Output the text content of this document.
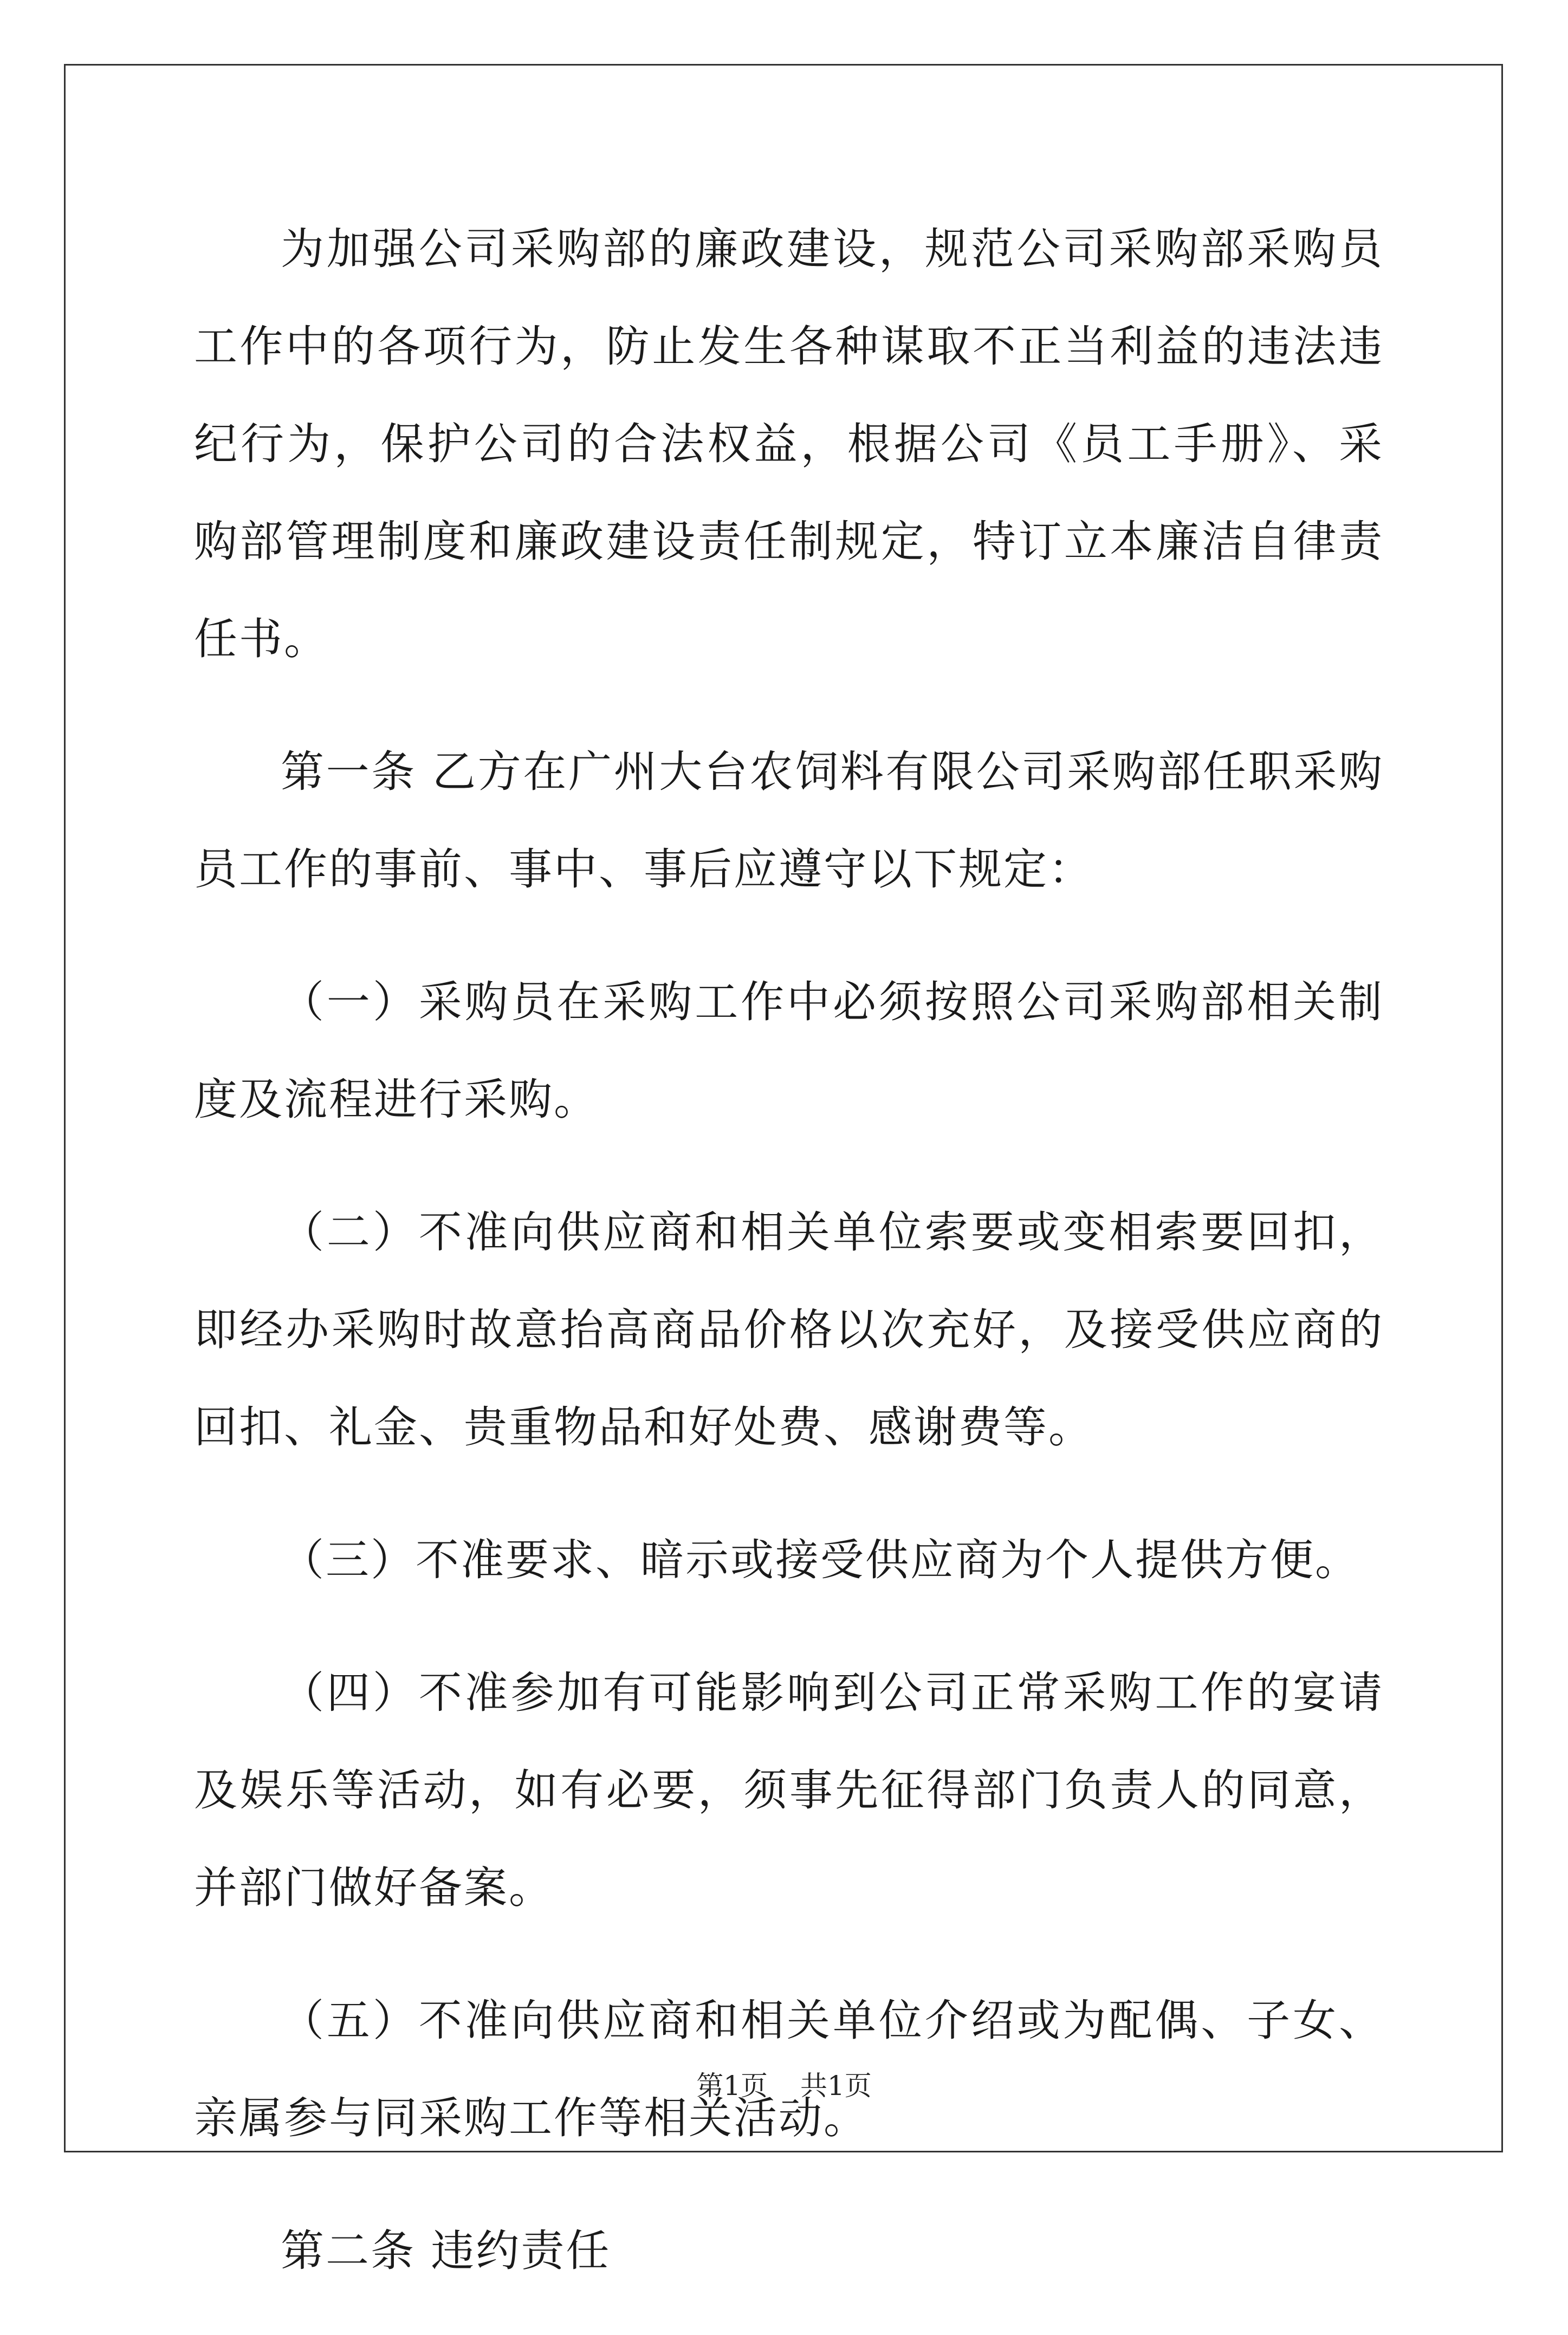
为加强公司采购部的廉政建设，规范公司采购部采购员工作中的各项行为，防止发生各种谋取不正当利益的违法违纪行为，保护公司的合法权益，根据公司《员工手册》、采购部管理制度和廉政建设责任制规定，特订立本廉洁自律责任书。

第一条 乙方在广州大台农饲料有限公司采购部任职采购员工作的事前、事中、事后应遵守以下规定：

（一）采购员在采购工作中必须按照公司采购部相关制度及流程进行采购。

（二）不准向供应商和相关单位索要或变相索要回扣，即经办采购时故意抬高商品价格以次充好，及接受供应商的回扣、礼金、贵重物品和好处费、感谢费等。

（三）不准要求、暗示或接受供应商为个人提供方便。

（四）不准参加有可能影响到公司正常采购工作的宴请及娱乐等活动，如有必要，须事先征得部门负责人的同意，并部门做好备案。

（五）不准向供应商和相关单位介绍或为配偶、子女、亲属参与同采购工作等相关活动。

第二条 违约责任

第1页 共1页
